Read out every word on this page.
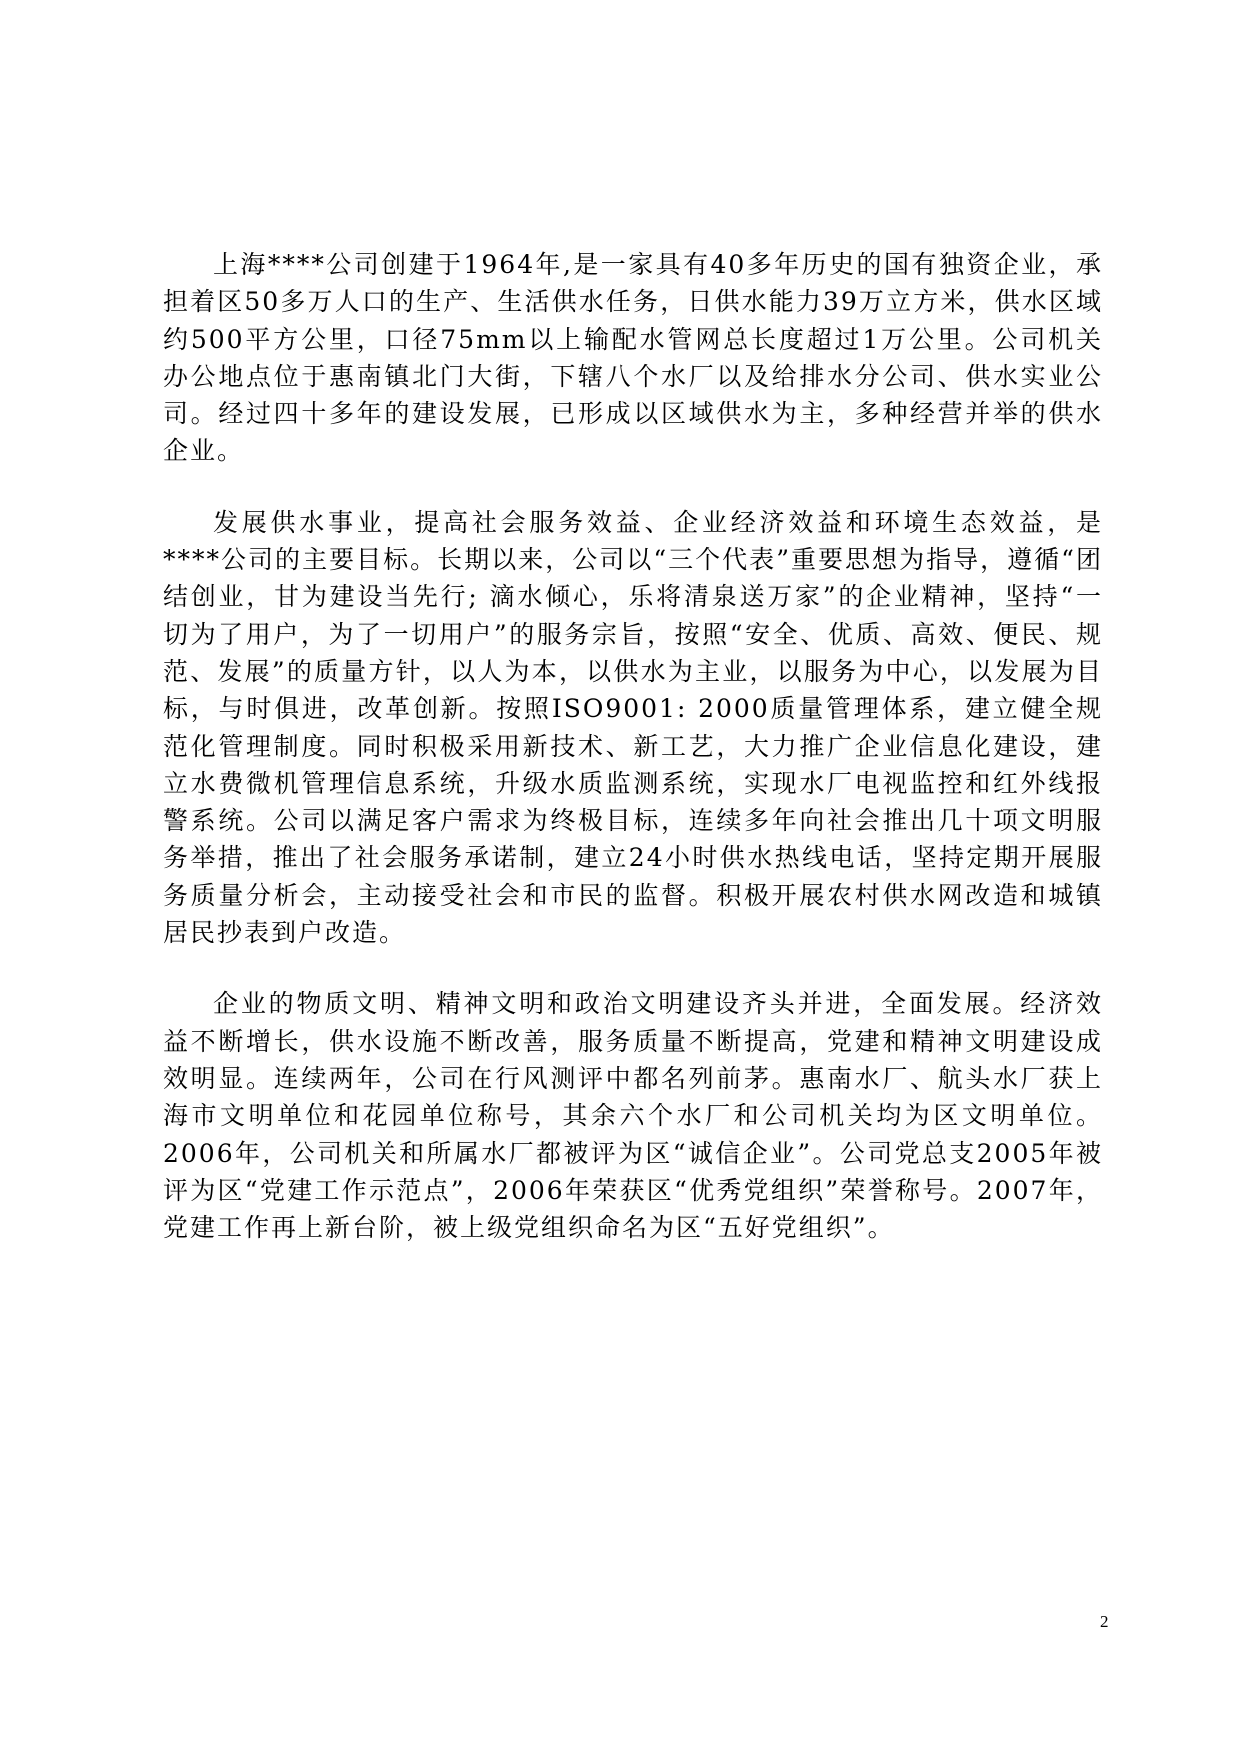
上海****公司创建于1964年,是一家具有40多年历史的国有独资企业，承担着区50多万人口的生产、生活供水任务，日供水能力39万立方米，供水区域约500平方公里，口径75mm以上输配水管网总长度超过1万公里。公司机关办公地点位于惠南镇北门大街，下辖八个水厂以及给排水分公司、供水实业公司。经过四十多年的建设发展，已形成以区域供水为主，多种经营并举的供水企业。

发展供水事业，提高社会服务效益、企业经济效益和环境生态效益，是****公司的主要目标。长期以来，公司以“三个代表”重要思想为指导，遵循“团结创业，甘为建设当先行; 滴水倾心，乐将清泉送万家”的企业精神，坚持“一切为了用户，为了一切用户”的服务宗旨，按照“安全、优质、高效、便民、规范、发展”的质量方针，以人为本，以供水为主业，以服务为中心，以发展为目标，与时俱进，改革创新。按照ISO9001: 2000质量管理体系，建立健全规范化管理制度。同时积极采用新技术、新工艺，大力推广企业信息化建设，建立水费微机管理信息系统，升级水质监测系统，实现水厂电视监控和红外线报警系统。公司以满足客户需求为终极目标，连续多年向社会推出几十项文明服务举措，推出了社会服务承诺制，建立24小时供水热线电话，坚持定期开展服务质量分析会，主动接受社会和市民的监督。积极开展农村供水网改造和城镇居民抄表到户改造。

企业的物质文明、精神文明和政治文明建设齐头并进，全面发展。经济效益不断增长，供水设施不断改善，服务质量不断提高，党建和精神文明建设成效明显。连续两年，公司在行风测评中都名列前茅。惠南水厂、航头水厂获上海市文明单位和花园单位称号，其余六个水厂和公司机关均为区文明单位。2006年，公司机关和所属水厂都被评为区“诚信企业”。公司党总支2005年被评为区“党建工作示范点”，2006年荣获区“优秀党组织”荣誉称号。2007年，党建工作再上新台阶，被上级党组织命名为区“五好党组织”。

2
